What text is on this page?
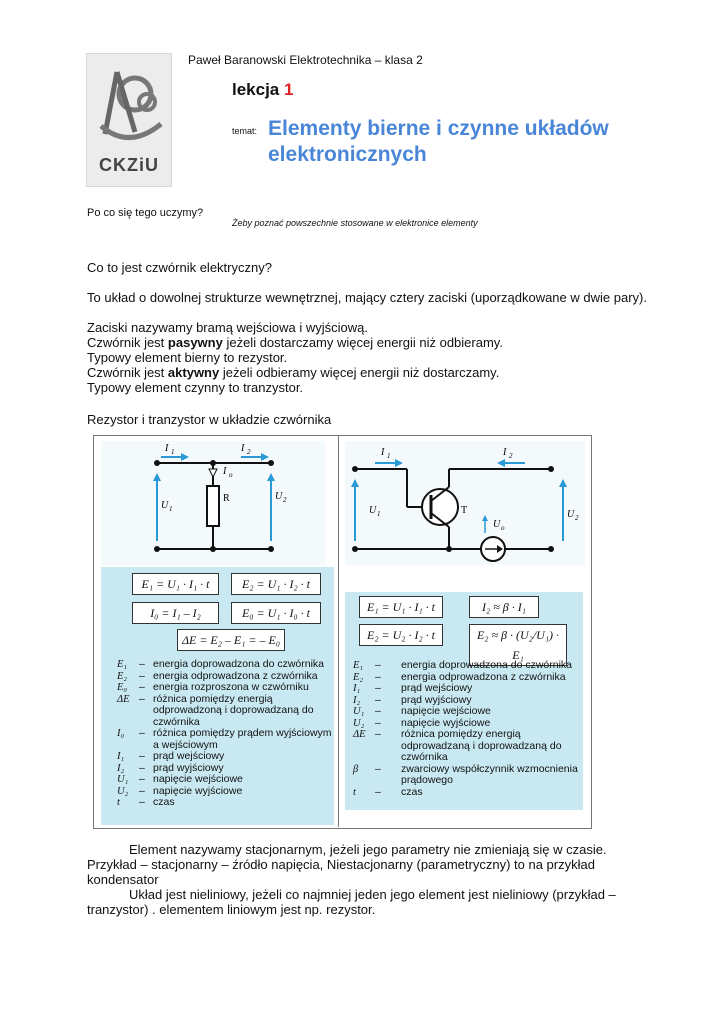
Paweł Baranowski Elektrotechnika – klasa 2
CKZiU
lekcja 1
temat: Elementy bierne i czynne układów elektronicznych
Po co się tego uczymy?
Żeby poznać powszechnie stosowane w elektronice elementy
Co to jest czwórnik elektryczny?
To układ o dowolnej strukturze wewnętrznej, mający cztery zaciski (uporządkowane w dwie pary).
Zaciski nazywamy bramą wejściowa i wyjściową.
Czwórnik jest pasywny jeżeli dostarczamy więcej energii niż odbieramy.
Typowy element bierny to rezystor.
Czwórnik jest aktywny jeżeli odbieramy więcej energii niż dostarczamy.
Typowy element czynny to tranzystor.
Rezystor i tranzystor w układzie czwórnika
I 1	I 2
I o
R
U 1
U 2
E₁ = U₁ · I₁ · t	E₂ = U₁ · I₂ · t
I₀ = I₁ – I₂	E₀ = U₁ · I₀ · t
ΔE = E₂ – E₁ = – E₀
E₁	– energia doprowadzona do czwórnika
E₂	– energia odprowadzona z czwórnika
E₀	– energia rozproszona w czwórniku
ΔE – różnica pomiędzy energią odprowadzoną i doprowadzaną do czwórnika
I₀	– różnica pomiędzy prądem wyjściowym a wejściowym
I₁	– prąd wejściowy
I₂	– prąd wyjściowy
U₁	– napięcie wejściowe
U₂	– napięcie wyjściowe
t	– czas
I 1	I 2
T
U o
U 1	U 2
E₁ = U₁ · I₁ · t	I₂ ≈ β · I₁
E₂ = U₂ · I₂ · t	E₂ ≈ β · (U₂/U₁) · E₁
E₁	–	energia doprowadzona do czwórnika
E₂	–	energia odprowadzona z czwórnika
I₁	–	prąd wejściowy
I₂	–	prąd wyjściowy
U₁	–	napięcie wejściowe
U₂	–	napięcie wyjściowe
ΔE –	różnica pomiędzy energią odprowadzaną i doprowadzaną do czwórnika
β	–	zwarciowy współczynnik wzmocnienia prądowego
t	–	czas
Element nazywamy stacjonarnym, jeżeli jego parametry nie zmieniają się w czasie.
Przykład – stacjonarny – źródło napięcia, Niestacjonarny (parametryczny) to na przykład kondensator
Układ jest nieliniowy, jeżeli co najmniej jeden jego element jest nieliniowy (przykład – tranzystor) . elementem liniowym jest np. rezystor.
